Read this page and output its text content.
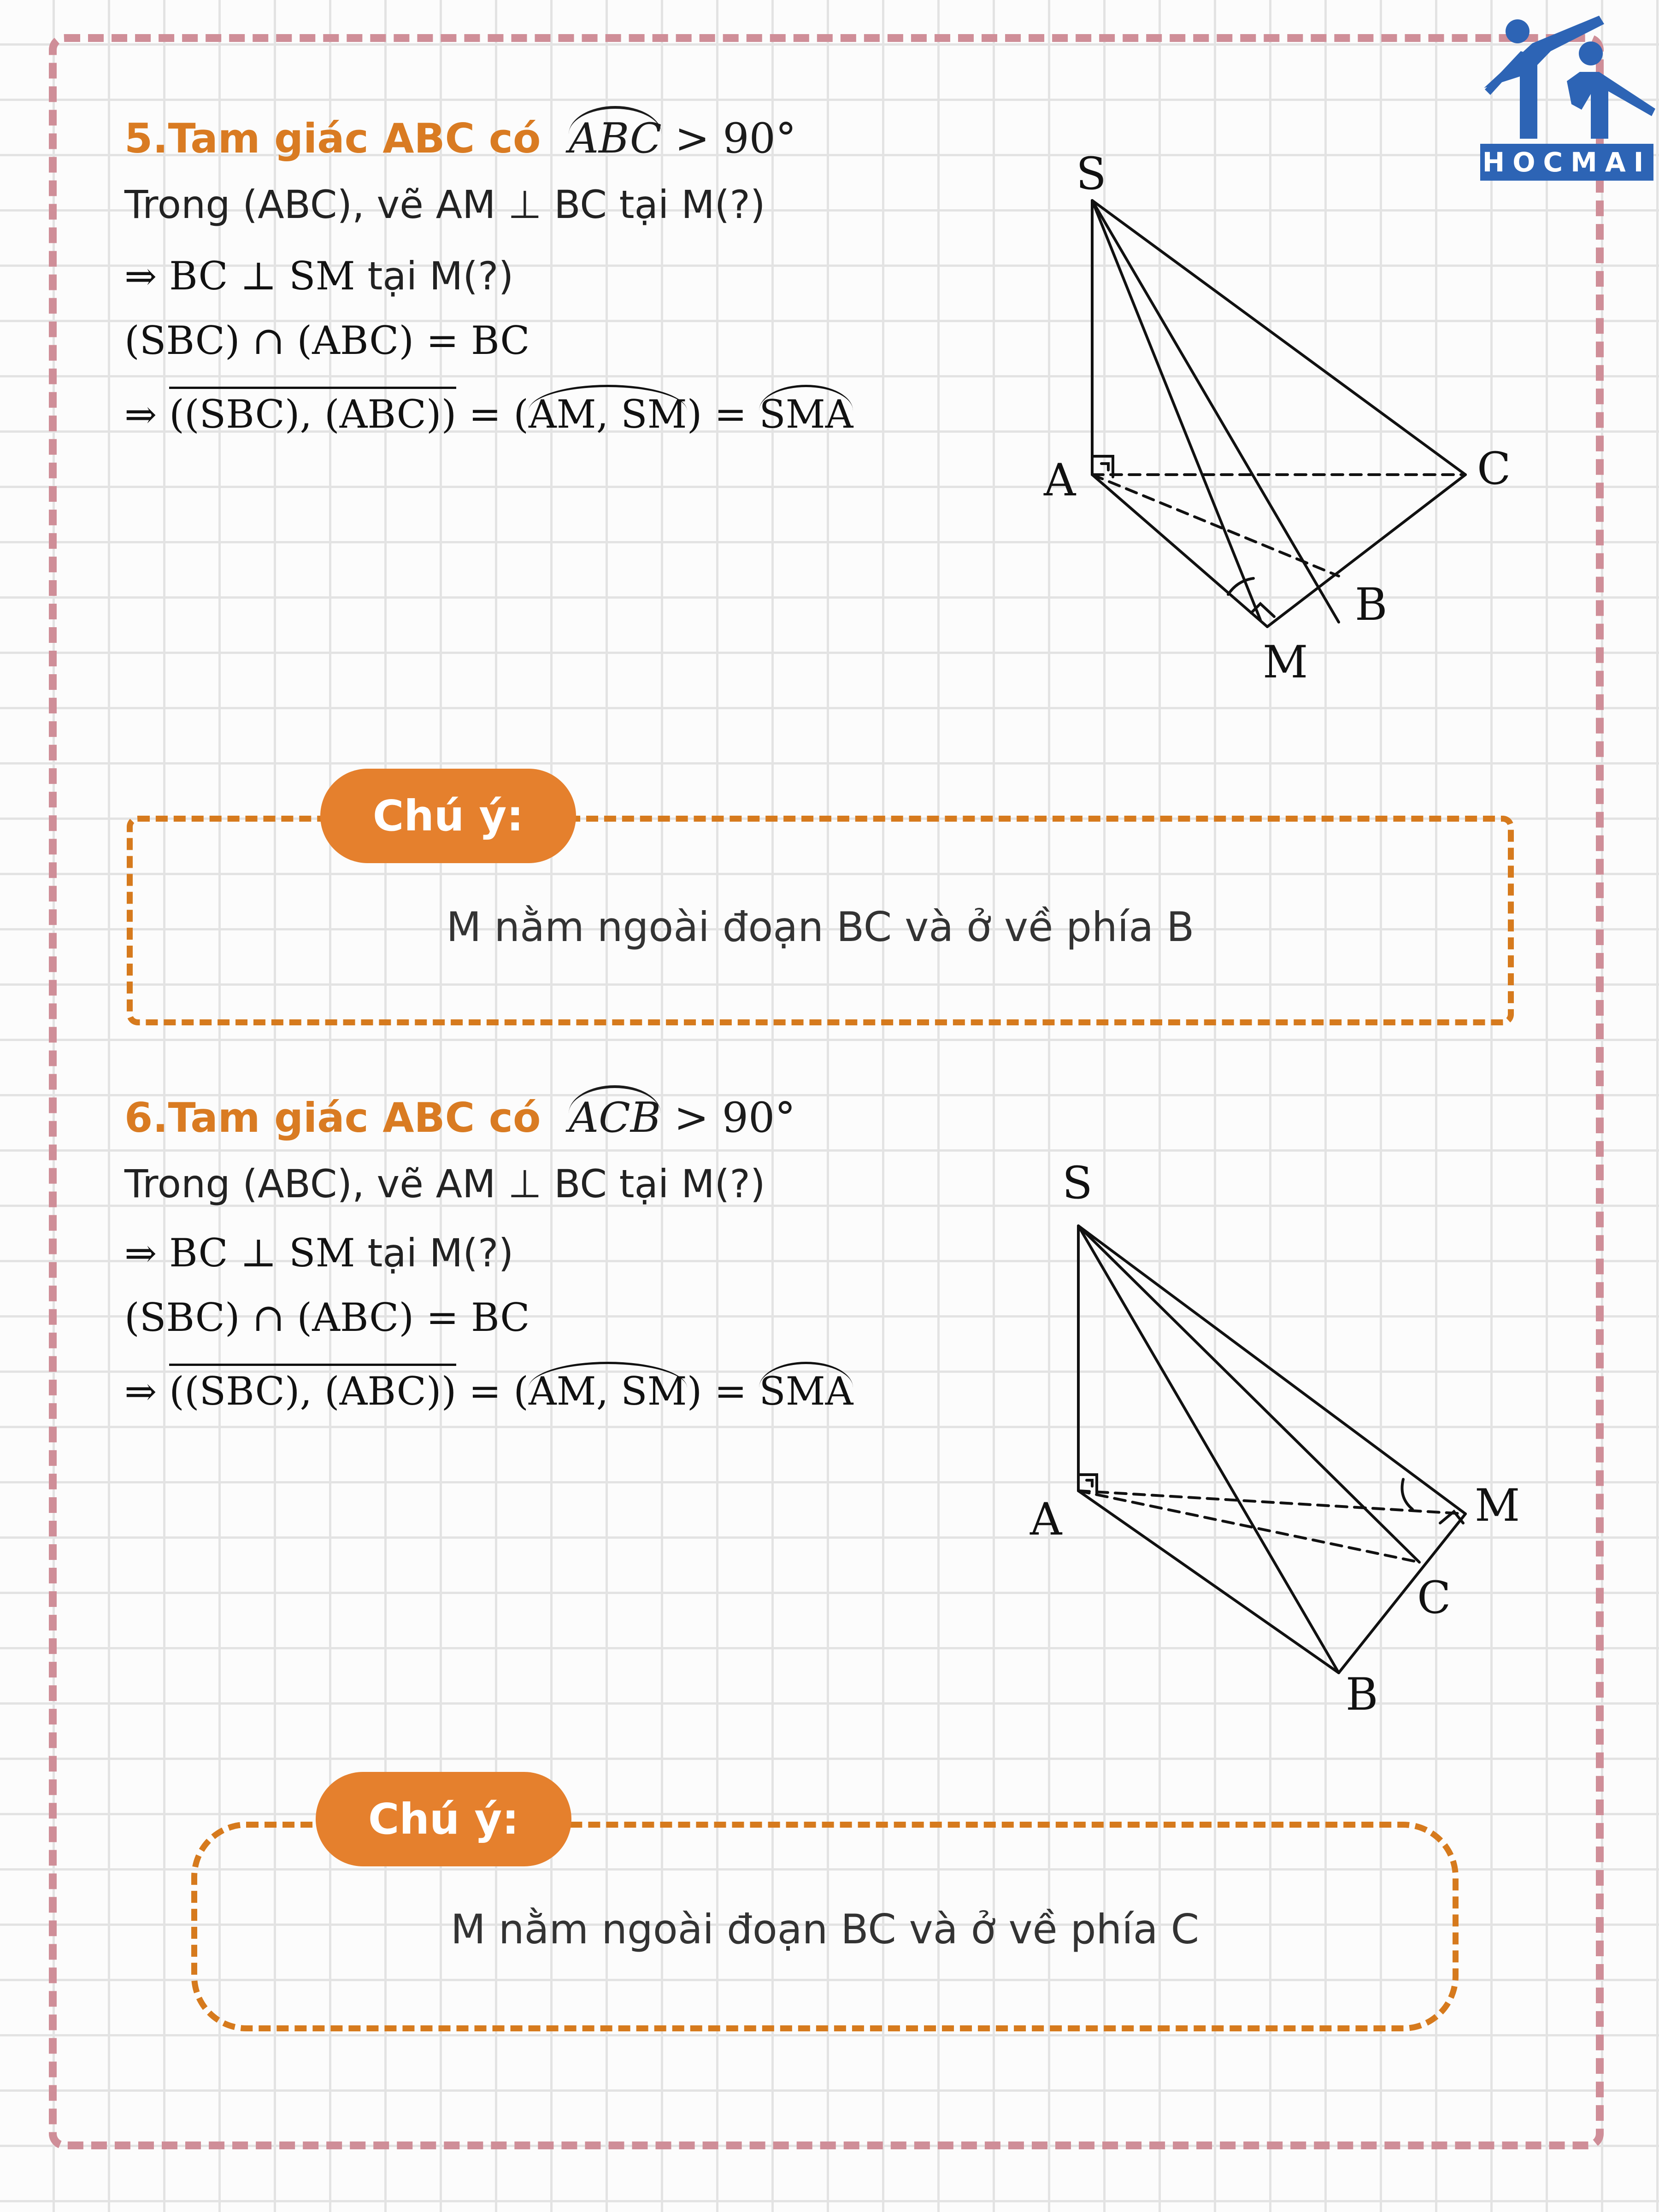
HOCMAI
5.Tam giác ABC có ABC > 90°

Trong (ABC), vẽ AM ⊥ BC tại M(?)

⇒ BC ⊥ SM tại M(?)

(SBC) ∩ (ABC) = BC

⇒ ((SBC), (ABC)) = (AM, SM) = SMA

S
A	C
B
M
Chú ý:
M nằm ngoài đoạn BC và ở về phía B
6.Tam giác ABC có ACB > 90°

Trong (ABC), vẽ AM ⊥ BC tại M(?)

⇒ BC ⊥ SM tại M(?)

(SBC) ∩ (ABC) = BC

⇒ ((SBC), (ABC)) = (AM, SM) = SMA

S
A	M
C
B
Chú ý:
M nằm ngoài đoạn BC và ở về phía C
